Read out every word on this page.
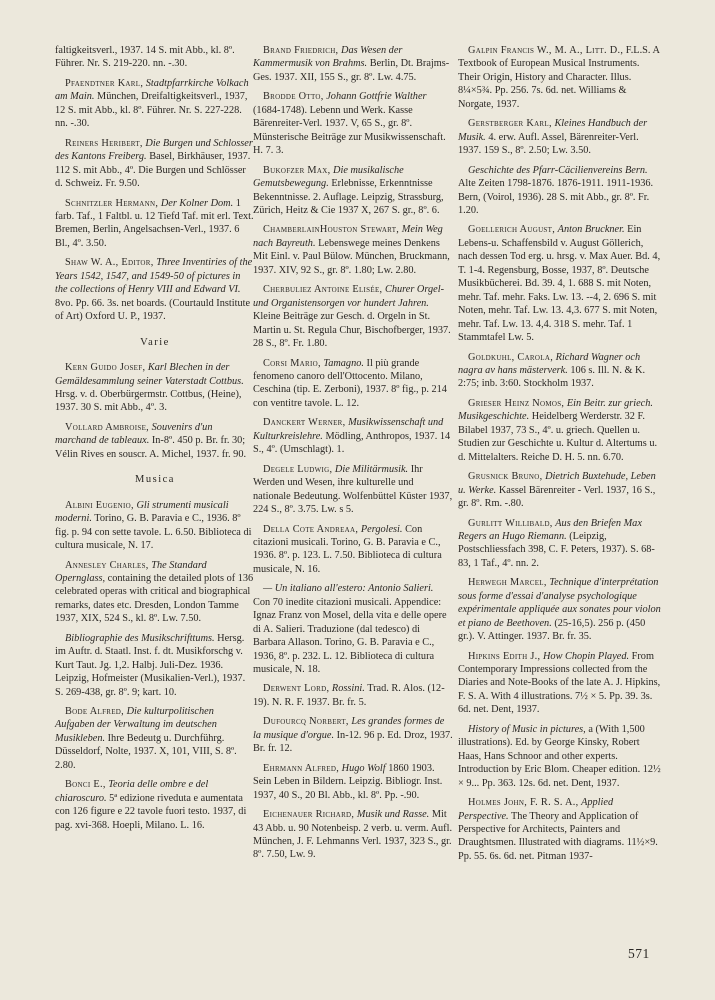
faltigkeitsverl., 1937. 14 S. mit Abb., kl. 8º. Führer. Nr. S. 219-220. nn. -.30.
Pfaendtner Karl, Stadtpfarrkirche Volkach am Main. München, Dreifaltigkeitsverl., 1937, 12 S. mit Abb., kl. 8º. Führer. Nr. S. 227-228. nn. -.30.
Reiners Heribert, Die Burgen und Schlosser des Kantons Freiberg. Basel, Birkhäuser, 1937. 112 S. mit Abb., 4º. Die Burgen und Schlösser d. Schweiz. Fr. 9.50.
Schnitzler Hermann, Der Kolner Dom. 1 farb. Taf., 1 Faltbl. u. 12 Tiefd Taf. mit erl. Text. Bremen, Berlin, Angelsachsen-Verl., 1937. 6 Bl., 4º. 3.50.
Shaw W. A., Editor, Three Inventiries of the Years 1542, 1547, and 1549-50 of pictures in the collections of Henry VIII and Edward VI. 8vo. Pp. 66. 3s. net boards. (Courtauld Institute of Art) Oxford U. P., 1937.
Varie
Kern Guido Josef, Karl Blechen in der Gemäldesammlung seiner Vaterstadt Cottbus. Hrsg. v. d. Oberbürgermstr. Cottbus, (Heine), 1937. 30 S. mit Abb., 4º. 3.
Vollard Ambroise, Souvenirs d'un marchand de tableaux. In-8º. 450 p. Br. fr. 30; Vélin Rives en souscr. A. Michel, 1937. fr. 90.
Musica
Albini Eugenio, Gli strumenti musicali moderni. Torino, G. B. Paravia e C., 1936. 8º fig. p. 94 con sette tavole. L. 6.50. Biblioteca di cultura musicale, N. 17.
Annesley Charles, The Standard Opernglass, containing the detailed plots of 136 celebrated operas with critical and biographical remarks, dates etc. Dresden, London Tamme 1937, XIX, 524 S., kl. 8º. Lw. 7.50.
Bibliographie des Musikschrifttums. Hersg. im Auftr. d. Staatl. Inst. f. dt. Musikforschg v. Kurt Taut. Jg. 1,2. Halbj. Juli-Dez. 1936. Leipzig, Hofmeister (Musikalien-Verl.), 1937. S. 269-438, gr. 8º. 9; kart. 10.
Bode Alfred, Die kulturpolitischen Aufgaben der Verwaltung im deutschen Musikleben. Ihre Bedeutg u. Durchführg. Düsseldorf, Nolte, 1937. X, 101, VIII, S. 8º. 2.80.
Bonci E., Teoria delle ombre e del chiaroscuro. 5ª edizione riveduta e aumentata con 126 figure e 22 tavole fuori testo. 1937, di pag. xvi-368. Hoepli, Milano. L. 16.
Brand Friedrich, Das Wesen der Kammermusik von Brahms. Berlin, Dt. Brajms-Ges. 1937. XII, 155 S., gr. 8º. Lw. 4.75.
Brodde Otto, Johann Gottfrie Walther (1684-1748). Lebenn und Werk. Kasse Bärenreiter-Verl. 1937. V, 65 S., gr. 8º. Münsterische Beiträge zur Musikwissenschaft. H. 7. 3.
Bukofzer Max, Die musikalische Gemutsbewegung. Erlebnisse, Erkenntnisse Bekenntnisse. 2. Auflage. Leipzig, Strassburg, Zürich, Heitz & Cie 1937 X, 267 S. gr., 8º. 6.
ChamberlainHouston Stewart, Mein Weg nach Bayreuth. Lebenswege meines Denkens Mit Einl. v. Paul Bülow. München, Bruckmann, 1937. XIV, 92 S., gr. 8º. 1.80; Lw. 2.80.
Cherbuliez Antoine Elisée, Churer Orgel-und Organistensorgen vor hundert Jahren. Kleine Beiträge zur Gesch. d. Orgeln in St. Martin u. St. Regula Chur, Bischofberger, 1937. 28 S., 8º. Fr. 1.80.
Corsi Mario, Tamagno. Il più grande fenomeno canoro dell'Ottocento. Milano, Ceschina (tip. E. Zerboni), 1937. 8º fig., p. 214 con ventitre tavole. L. 12.
Danckert Werner, Musikwissenschaft und Kulturkreislehre. Mödling, Anthropos, 1937. 14 S., 4º. (Umschlagt). 1.
Degele Ludwig, Die Militärmusik. Ihr Werden und Wesen, ihre kulturelle und nationale Bedeutung. Wolfenbüttel Küster 1937, 224 S., 8º. 3.75. Lw. s 5.
Della Cote Andreaa, Pergolesi. Con citazioni musicali. Torino, G. B. Paravia e C., 1936. 8º. p. 123. L. 7.50. Biblioteca di cultura musicale, N. 16.
— Un italiano all'estero: Antonio Salieri. Con 70 inedite citazioni musicali. Appendice: Ignaz Franz von Mosel, della vita e delle opere di A. Salieri. Traduzione (dal tedesco) di Barbara Allason. Torino, G. B. Paravia e C., 1936, 8º. p. 232. L. 12. Biblioteca di cultura musicale, N. 18.
Derwent Lord, Rossini. Trad. R. Alos. (12-19). N. R. F. 1937. Br. fr. 5.
Dufourcq Norbert, Les grandes formes de la musique d'orgue. In-12. 96 p. Ed. Droz, 1937. Br. fr. 12.
Ehrmann Alfred, Hugo Wolf 1860 1903. Sein Leben in Bildern. Leipzig. Bibliogr. Inst. 1937, 40 S., 20 Bl. Abb., kl. 8º. Pp. -.90.
Eichenauer Richard, Musik und Rasse. Mit 43 Abb. u. 90 Notenbeisp. 2 verb. u. verm. Aufl. München, J. F. Lehmanns Verl. 1937, 323 S., gr. 8º. 7.50, Lw. 9.
Galpin Francis W., M. A., Litt. D., F.L.S. A Textbook of European Musical Instruments. Their Origin, History and Character. Illus. 8¼×5¾. Pp. 256. 7s. 6d. net. Williams & Norgate, 1937.
Gerstberger Karl, Kleines Handbuch der Musik. 4. erw. Aufl. Assel, Bärenreiter-Verl. 1937. 159 S., 8º. 2.50; Lw. 3.50.
Geschichte des Pfarr-Cäcilienvereins Bern. Alte Zeiten 1798-1876. 1876-1911. 1911-1936. Bern, (Voirol, 1936). 28 S. mit Abb., gr. 8º. Fr. 1.20.
Goellerich August, Anton Bruckner. Ein Lebens-u. Schaffensbild v. August Göllerich, nach dessen Tod erg. u. hrsg. v. Max Auer. Bd. 4, T. 1-4. Regensburg, Bosse, 1937, 8º. Deutsche Musikbücherei. Bd. 39. 4, 1. 688 S. mit Noten, mehr. Taf. mehr. Faks. Lw. 13. --4, 2. 696 S. mit Noten, mehr. Taf. Lw. 13. 4,3. 677 S. mit Noten, mehr. Taf. Lw. 13. 4,4. 318 S. mehr. Taf. 1 Stammtafel Lw. 5.
Goldkuhl, Carola, Richard Wagner och nagra av hans mästerverk. 106 s. Ill. N. & K. 2:75; inb. 3:60. Stockholm 1937.
Grieser Heinz Nomos, Ein Beitr. zur griech. Musikgeschichte. Heidelberg Werderstr. 32 F. Bilabel 1937, 73 S., 4º. u. griech. Quellen u. Studien zur Geschichte u. Kultur d. Altertums u. d. Mittelalters. Reiche D. H. 5. nn. 6.70.
Grusnick Bruno, Dietrich Buxtehude, Leben u. Werke. Kassel Bärenreiter - Verl. 1937, 16 S., gr. 8º. Rm. -.80.
Gurlitt Willibald, Aus den Briefen Max Regers an Hugo Riemann. (Leipzig, Postschliessfach 398, C. F. Peters, 1937). S. 68-83, 1 Taf., 4º. nn. 2.
Herwegh Marcel, Technique d'interprétation sous forme d'essai d'analyse psychologique expérimentale appliquée aux sonates pour violon et piano de Beethoven. (25-16,5). 256 p. (450 gr.). V. Attinger. 1937. Br. fr. 35.
Hipkins Edith J., How Chopin Played. From Contemporary Impressions collected from the Diaries and Note-Books of the late A. J. Hipkins, F. S. A. With 4 illustrations. 7½ × 5. Pp. 39. 3s. 6d. net. Dent, 1937.
History of Music in pictures, a (With 1,500 illustrations). Ed. by George Kinsky, Robert Haas, Hans Schnoor and other experts. Introduction by Eric Blom. Cheaper edition. 12½ × 9... Pp. 363. 12s. 6d. net. Dent, 1937.
Holmes John, F. R. S. A., Applied Perspective. The Theory and Application of Perspective for Architects, Painters and Draughtsmen. Illustrated with diagrams. 11½×9. Pp. 55. 6s. 6d. net. Pitman 1937-
571
